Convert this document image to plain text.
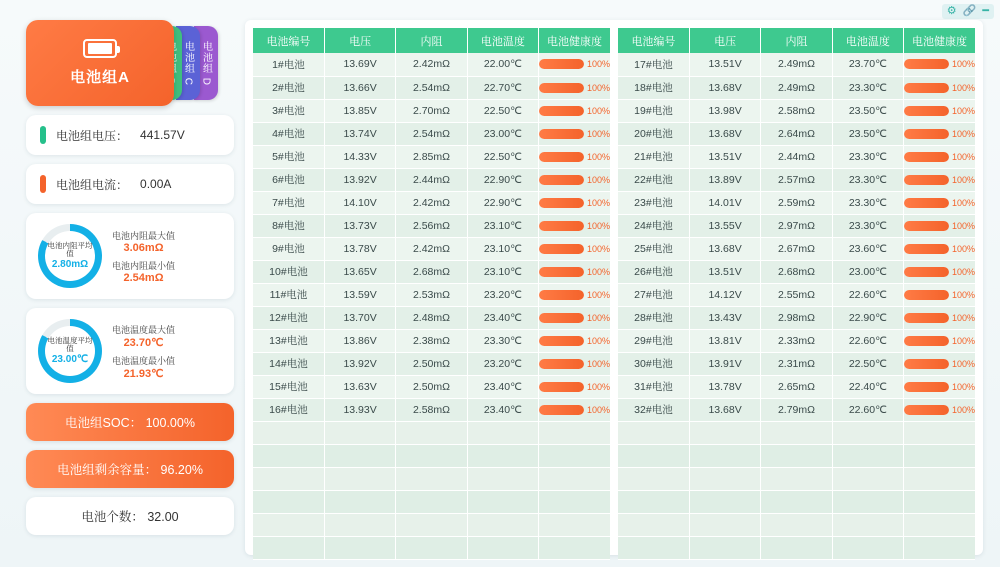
⚙ 🔗 ━
电池组A	电池组 C 电池组 D
电池组电压： 441.57V
电池组电流： 0.00A
电池内阻平均值
2.80mΩ
电池内阻最大值
3.06mΩ
电池内阻最小值
2.54mΩ
电池温度平均值
23.00℃
电池温度最大值
23.70℃
电池温度最小值
21.93℃
电池组SOC： 100.00%
电池组剩余容量： 96.20%
电池个数： 32.00
电池编号	电压	内阻	电池温度	电池健康度
1#电池	13.69V	2.42mΩ	22.00℃	100%

2#电池	13.66V	2.54mΩ	22.70℃	100%

3#电池	13.85V	2.70mΩ	22.50℃	100%

4#电池	13.74V	2.54mΩ	23.00℃	100%

5#电池	14.33V	2.85mΩ	22.50℃	100%

6#电池	13.92V	2.44mΩ	22.90℃	100%

7#电池	14.10V	2.42mΩ	22.90℃	100%

8#电池	13.73V	2.56mΩ	23.10℃	100%

9#电池	13.78V	2.42mΩ	23.10℃	100%

10#电池	13.65V	2.68mΩ	23.10℃	100%

11#电池	13.59V	2.53mΩ	23.20℃	100%

12#电池	13.70V	2.48mΩ	23.40℃	100%

13#电池	13.86V	2.38mΩ	23.30℃	100%

14#电池	13.92V	2.50mΩ	23.20℃	100%

15#电池	13.63V	2.50mΩ	23.40℃	100%

16#电池	13.93V	2.58mΩ	23.40℃	100%

电池编号	电压	内阻	电池温度	电池健康度
17#电池	13.51V	2.49mΩ	23.70℃	100%

18#电池	13.68V	2.49mΩ	23.30℃	100%

19#电池	13.98V	2.58mΩ	23.50℃	100%

20#电池	13.68V	2.64mΩ	23.50℃	100%

21#电池	13.51V	2.44mΩ	23.30℃	100%

22#电池	13.89V	2.57mΩ	23.30℃	100%

23#电池	14.01V	2.59mΩ	23.30℃	100%

24#电池	13.55V	2.97mΩ	23.30℃	100%

25#电池	13.68V	2.67mΩ	23.60℃	100%

26#电池	13.51V	2.68mΩ	23.00℃	100%

27#电池	14.12V	2.55mΩ	22.60℃	100%

28#电池	13.43V	2.98mΩ	22.90℃	100%

29#电池	13.81V	2.33mΩ	22.60℃	100%

30#电池	13.91V	2.31mΩ	22.50℃	100%

31#电池	13.78V	2.65mΩ	22.40℃	100%

32#电池	13.68V	2.79mΩ	22.60℃	100%
